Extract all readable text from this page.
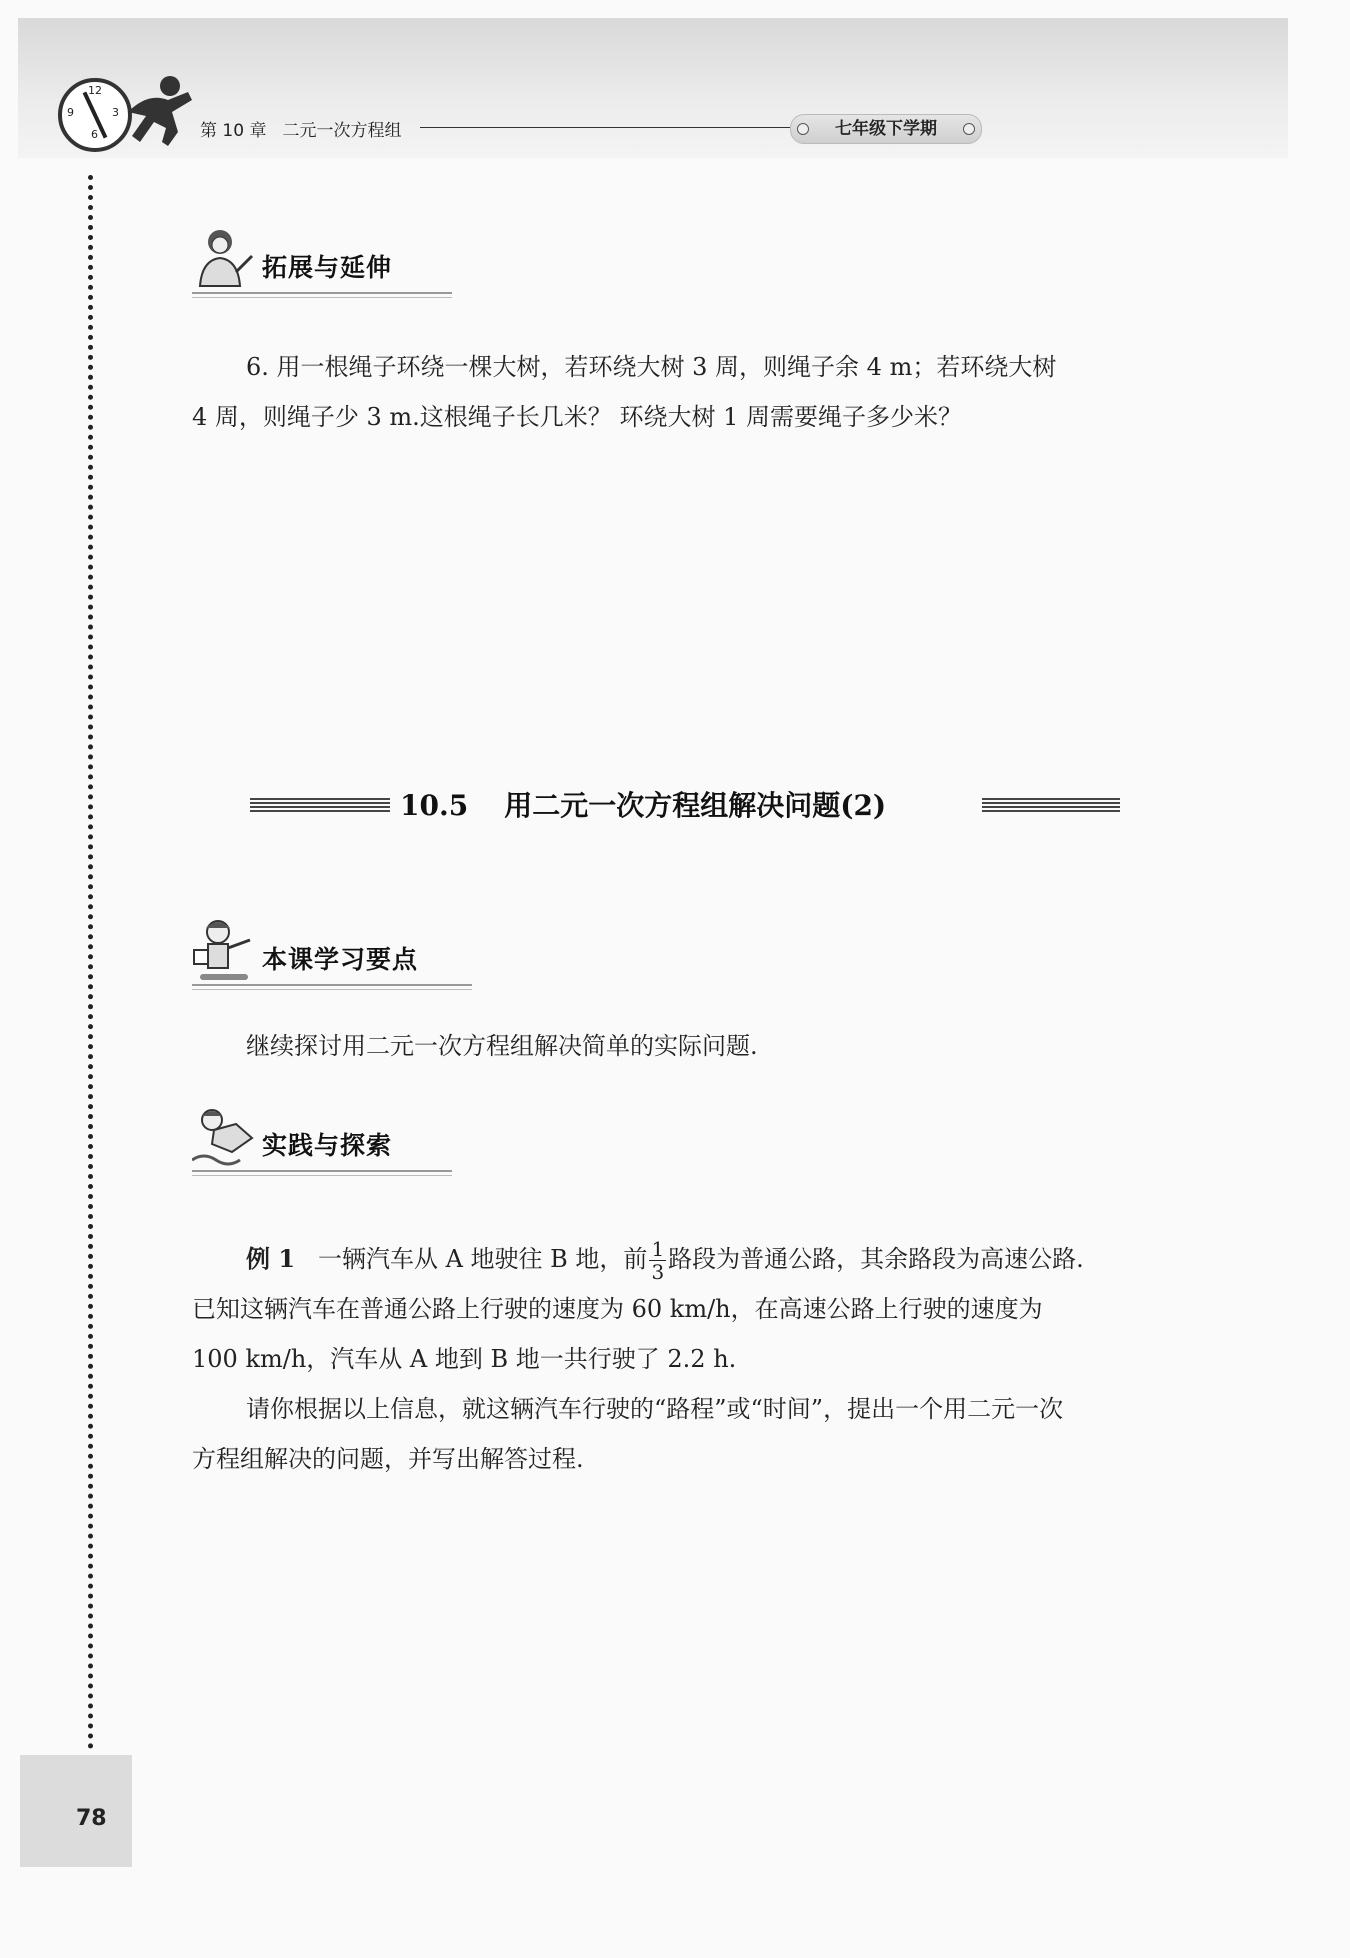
12
3
6
9
第 10 章 二元一次方程组	七年级下学期
拓展与延伸
6. 用一根绳子环绕一棵大树，若环绕大树 3 周，则绳子余 4 m；若环绕大树
4 周，则绳子少 3 m.这根绳子长几米？ 环绕大树 1 周需要绳子多少米？
10.5 用二元一次方程组解决问题(2)
本课学习要点
继续探讨用二元一次方程组解决简单的实际问题.
实践与探索
例 1 一辆汽车从 A 地驶往 B 地，前 $\frac{1}{3}$ 路段为普通公路，其余路段为高速公路.
已知这辆汽车在普通公路上行驶的速度为 60 km/h，在高速公路上行驶的速度为
100 km/h，汽车从 A 地到 B 地一共行驶了 2.2 h.
请你根据以上信息，就这辆汽车行驶的“路程”或“时间”，提出一个用二元一次
方程组解决的问题，并写出解答过程.
78
